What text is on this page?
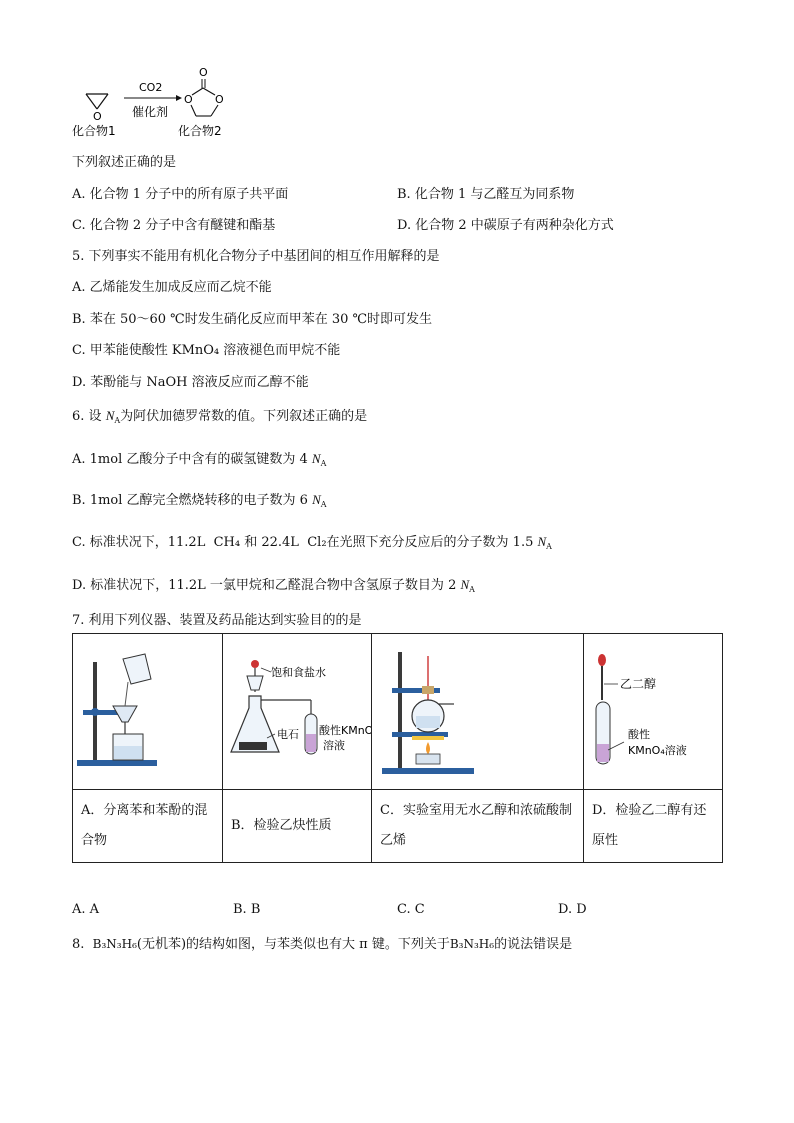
O
CO2
催化剂
O
O O
化合物1	化合物2
下列叙述正确的是
A. 化合物 1 分子中的所有原子共平面	B. 化合物 1 与乙醛互为同系物
C. 化合物 2 分子中含有醚键和酯基	D. 化合物 2 中碳原子有两种杂化方式
5. 下列事实不能用有机化合物分子中基团间的相互作用解释的是
A. 乙烯能发生加成反应而乙烷不能
B. 苯在 50～60 ℃时发生硝化反应而甲苯在 30 ℃时即可发生
C. 甲苯能使酸性 KMnO₄ 溶液褪色而甲烷不能
D. 苯酚能与 NaOH 溶液反应而乙醇不能
6. 设 $N_A$为阿伏加德罗常数的值。下列叙述正确的是
A. 1mol 乙酸分子中含有的碳氢键数为 4 $N_A$
B. 1mol 乙醇完全燃烧转移的电子数为 6 $N_A$
C. 标准状况下，11.2L CH₄ 和 22.4L Cl₂在光照下充分反应后的分子数为 1.5 $N_A$
D. 标准状况下，11.2L 一氯甲烷和乙醛混合物中含氢原子数目为 2 $N_A$
7. 利用下列仪器、装置及药品能达到实验目的的是

饱和食盐水
电石 酸性KMnO
溶液		乙二醇
酸性
KMnO₄溶液

A．分离苯和苯酚的混合物	B．检验乙炔性质	C．实验室用无水乙醇和浓硫酸制乙烯	D．检验乙二醇有还原性
A. A	B. B	C. C	D. D
8. B₃N₃H₆(无机苯)的结构如图，与苯类似也有大 π 键。下列关于B₃N₃H₆的说法错误是
